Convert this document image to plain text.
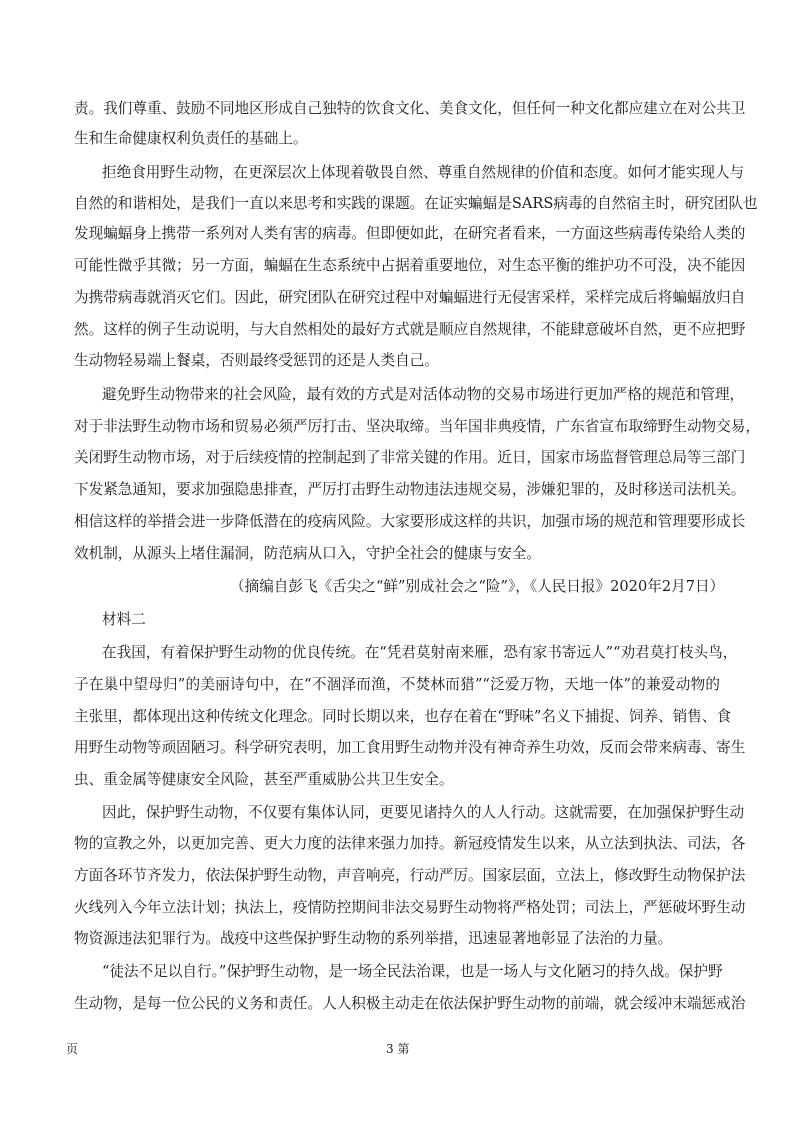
责。我们尊重、鼓励不同地区形成自己独特的饮食文化、美食文化，但任何一种文化都应建立在对公共卫
生和生命健康权利负责任的基础上。
拒绝食用野生动物，在更深层次上体现着敬畏自然、尊重自然规律的价值和态度。如何才能实现人与
自然的和谐相处，是我们一直以来思考和实践的课题。在证实蝙蝠是SARS病毒的自然宿主时，研究团队也
发现蝙蝠身上携带一系列对人类有害的病毒。但即便如此，在研究者看来，一方面这些病毒传染给人类的
可能性微乎其微；另一方面，蝙蝠在生态系统中占据着重要地位，对生态平衡的维护功不可没，决不能因
为携带病毒就消灭它们。因此，研究团队在研究过程中对蝙蝠进行无侵害采样，采样完成后将蝙蝠放归自
然。这样的例子生动说明，与大自然相处的最好方式就是顺应自然规律，不能肆意破坏自然，更不应把野
生动物轻易端上餐桌，否则最终受惩罚的还是人类自己。
避免野生动物带来的社会风险，最有效的方式是对活体动物的交易市场进行更加严格的规范和管理，
对于非法野生动物市场和贸易必须严厉打击、坚决取缔。当年国非典疫情，广东省宣布取缔野生动物交易，
关闭野生动物市场，对于后续疫情的控制起到了非常关键的作用。近日，国家市场监督管理总局等三部门
下发紧急通知，要求加强隐患排查，严厉打击野生动物违法违规交易，涉嫌犯罪的，及时移送司法机关。
相信这样的举措会进一步降低潜在的疫病风险。大家要形成这样的共识，加强市场的规范和管理要形成长
效机制，从源头上堵住漏洞，防范病从口入，守护全社会的健康与安全。
（摘编自彭飞《舌尖之“鲜”别成社会之“险”》，《人民日报》2020年2月7日）
材料二
在我国，有着保护野生动物的优良传统。在“凭君莫射南来雁，恐有家书寄远人”“劝君莫打枝头鸟，
子在巢中望母归”的美丽诗句中，在“不涸泽而渔，不焚林而猎”“泛爱万物，天地一体”的兼爱动物的
主张里，都体现出这种传统文化理念。同时长期以来，也存在着在“野味”名义下捕捉、饲养、销售、食
用野生动物等顽固陋习。科学研究表明，加工食用野生动物并没有神奇养生功效，反而会带来病毒、寄生
虫、重金属等健康安全风险，甚至严重威胁公共卫生安全。
因此，保护野生动物，不仅要有集体认同，更要见诸持久的人人行动。这就需要，在加强保护野生动
物的宣教之外，以更加完善、更大力度的法律来强力加持。新冠疫情发生以来，从立法到执法、司法，各
方面各环节齐发力，依法保护野生动物，声音响亮，行动严厉。国家层面，立法上，修改野生动物保护法
火线列入今年立法计划；执法上，疫情防控期间非法交易野生动物将严格处罚；司法上，严惩破坏野生动
物资源违法犯罪行为。战疫中这些保护野生动物的系列举措，迅速显著地彰显了法治的力量。
“徒法不足以自行。”保护野生动物，是一场全民法治课，也是一场人与文化陋习的持久战。保护野
生动物，是每一位公民的义务和责任。人人积极主动走在依法保护野生动物的前端，就会绥冲末端惩戒治
页	3 第
